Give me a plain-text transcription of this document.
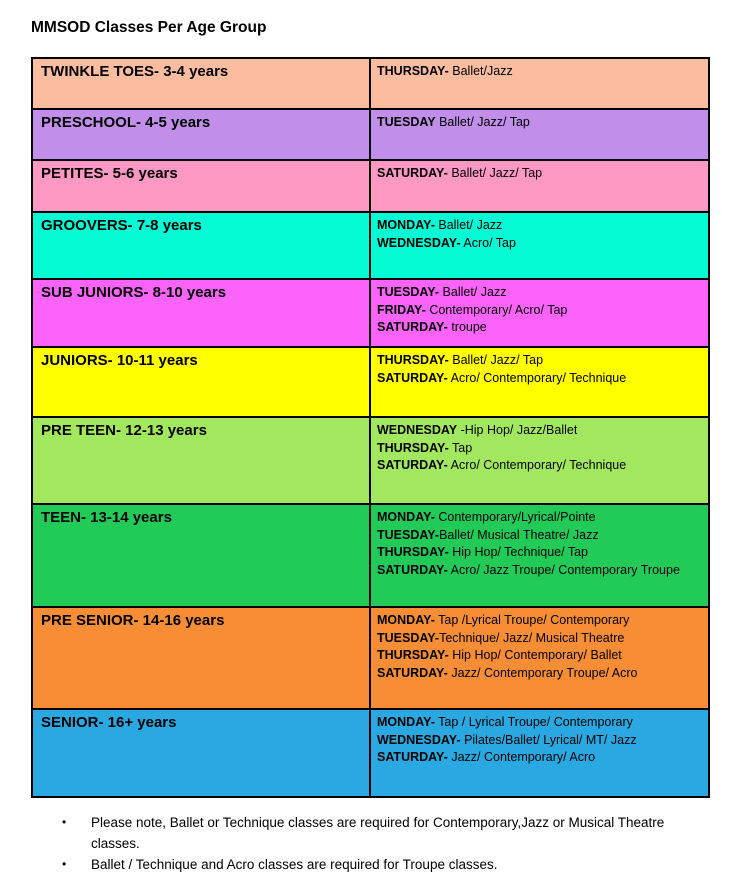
MMSOD Classes Per Age Group
TWINKLE TOES- 3-4 years	THURSDAY- Ballet/Jazz
PRESCHOOL- 4-5 years	TUESDAY Ballet/ Jazz/ Tap
PETITES- 5-6 years	SATURDAY- Ballet/ Jazz/ Tap
GROOVERS- 7-8 years	MONDAY- Ballet/ Jazz
WEDNESDAY- Acro/ Tap
SUB JUNIORS- 8-10 years	TUESDAY- Ballet/ Jazz
FRIDAY- Contemporary/ Acro/ Tap
SATURDAY- troupe
JUNIORS- 10-11 years	THURSDAY- Ballet/ Jazz/ Tap
SATURDAY- Acro/ Contemporary/ Technique
PRE TEEN- 12-13 years	WEDNESDAY -Hip Hop/ Jazz/Ballet
THURSDAY- Tap
SATURDAY- Acro/ Contemporary/ Technique
TEEN- 13-14 years	MONDAY- Contemporary/Lyrical/Pointe
TUESDAY-Ballet/ Musical Theatre/ Jazz
THURSDAY- Hip Hop/ Technique/ Tap
SATURDAY- Acro/ Jazz Troupe/ Contemporary Troupe
PRE SENIOR- 14-16 years	MONDAY- Tap /Lyrical Troupe/ Contemporary
TUESDAY-Technique/ Jazz/ Musical Theatre
THURSDAY- Hip Hop/ Contemporary/ Ballet
SATURDAY- Jazz/ Contemporary Troupe/ Acro
SENIOR- 16+ years	MONDAY- Tap / Lyrical Troupe/ Contemporary
WEDNESDAY- Pilates/Ballet/ Lyrical/ MT/ Jazz
SATURDAY- Jazz/ Contemporary/ Acro
•	Please note, Ballet or Technique classes are required for Contemporary,Jazz or Musical Theatre classes.
•	Ballet / Technique and Acro classes are required for Troupe classes.
